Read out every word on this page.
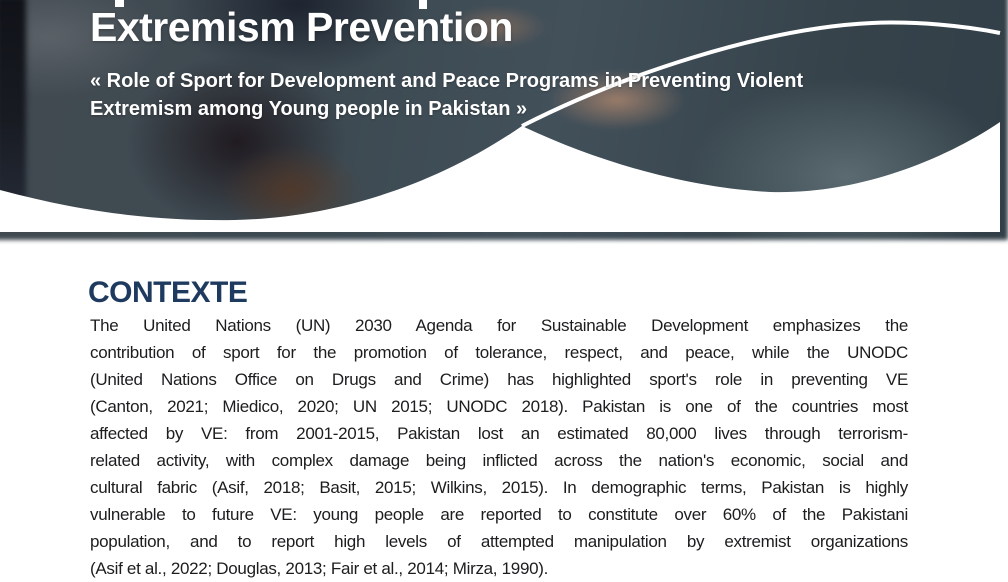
Extremism Prevention
« Role of Sport for Development and Peace Programs in Preventing Violent
Extremism among Young people in Pakistan »
CONTEXTE
The United Nations (UN) 2030 Agenda for Sustainable Development emphasizes the
contribution of sport for the promotion of tolerance, respect, and peace, while the UNODC
(United Nations Office on Drugs and Crime) has highlighted sport's role in preventing VE
(Canton, 2021; Miedico, 2020; UN 2015; UNODC 2018). Pakistan is one of the countries most
affected by VE: from 2001-2015, Pakistan lost an estimated 80,000 lives through terrorism-
related activity, with complex damage being inflicted across the nation's economic, social and
cultural fabric (Asif, 2018; Basit, 2015; Wilkins, 2015). In demographic terms, Pakistan is highly
vulnerable to future VE: young people are reported to constitute over 60% of the Pakistani
population, and to report high levels of attempted manipulation by extremist organizations
(Asif et al., 2022; Douglas, 2013; Fair et al., 2014; Mirza, 1990).
